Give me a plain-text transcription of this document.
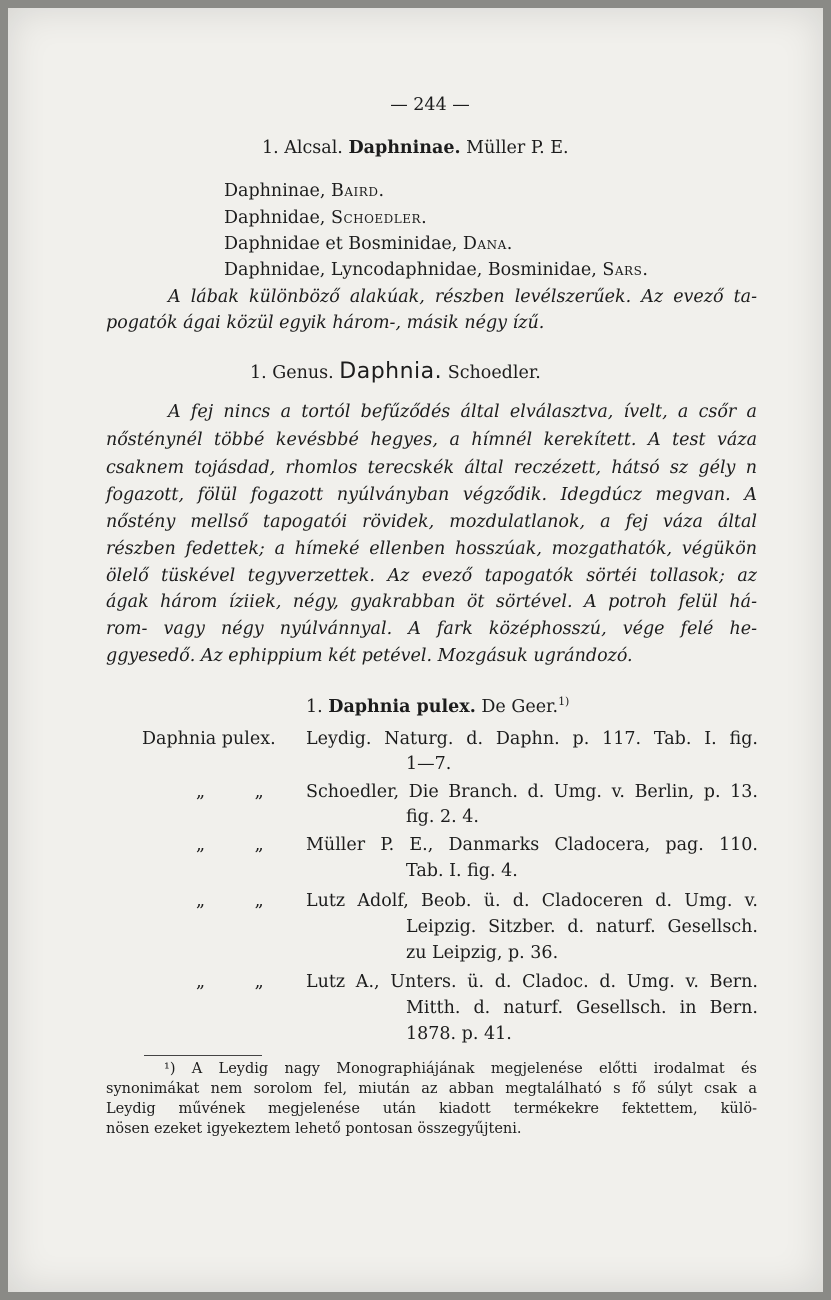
— 244 —
1. Alcsal. Daphninae. Müller P. E.
Daphninae, Baird.
Daphnidae, Schoedler.
Daphnidae et Bosminidae, Dana.
Daphnidae, Lyncodaphnidae, Bosminidae, Sars.
A lábak különböző alakúak, részben levélszerűek. Az evező ta-
pogatók ágai közül egyik három-, másik négy ízű.
1. Genus. Daphnia. Schoedler.
A fej nincs a tortól befűződés által elválasztva, ívelt, a csőr a
nősténynél többé kevésbbé hegyes, a hímnél kerekített. A test váza
csaknem tojásdad, rhomlos terecskék által reczézett, hátsó sz gély n
fogazott, fölül fogazott nyúlványban végződik. Idegdúcz megvan. A
nőstény mellső tapogatói rövidek, mozdulatlanok, a fej váza által
részben fedettek; a hímeké ellenben hosszúak, mozgathatók, végükön
ölelő tüskével tegyverzettek. Az evező tapogatók sörtéi tollasok; az
ágak három íziiek, négy, gyakrabban öt sörtével. A potroh felül há-
rom- vagy négy nyúlvánnyal. A fark középhosszú, vége felé he-
ggyesedő. Az ephippium két petével. Mozgásuk ugrándozó.
1. Daphnia pulex. De Geer.$^{1)}$
Daphnia pulex. Leydig. Naturg. d. Daphn. p. 117. Tab. I. fig.
1—7.
„ „	Schoedler, Die Branch. d. Umg. v. Berlin, p. 13.
fig. 2. 4.
„ „	Müller P. E., Danmarks Cladocera, pag. 110.
Tab. I. fig. 4.
„ „	Lutz Adolf, Beob. ü. d. Cladoceren d. Umg. v.
Leipzig. Sitzber. d. naturf. Gesellsch.
zu Leipzig, p. 36.
„ „	Lutz A., Unters. ü. d. Cladoc. d. Umg. v. Bern.
Mitth. d. naturf. Gesellsch. in Bern.
1878. p. 41.
¹) A Leydig nagy Monographiájának megjelenése előtti irodalmat és
synonimákat nem sorolom fel, miután az abban megtalálható s fő súlyt csak a
Leydig művének megjelenése után kiadott termékekre fektettem, külö-
nösen ezeket igyekeztem lehető pontosan összegyűjteni.
